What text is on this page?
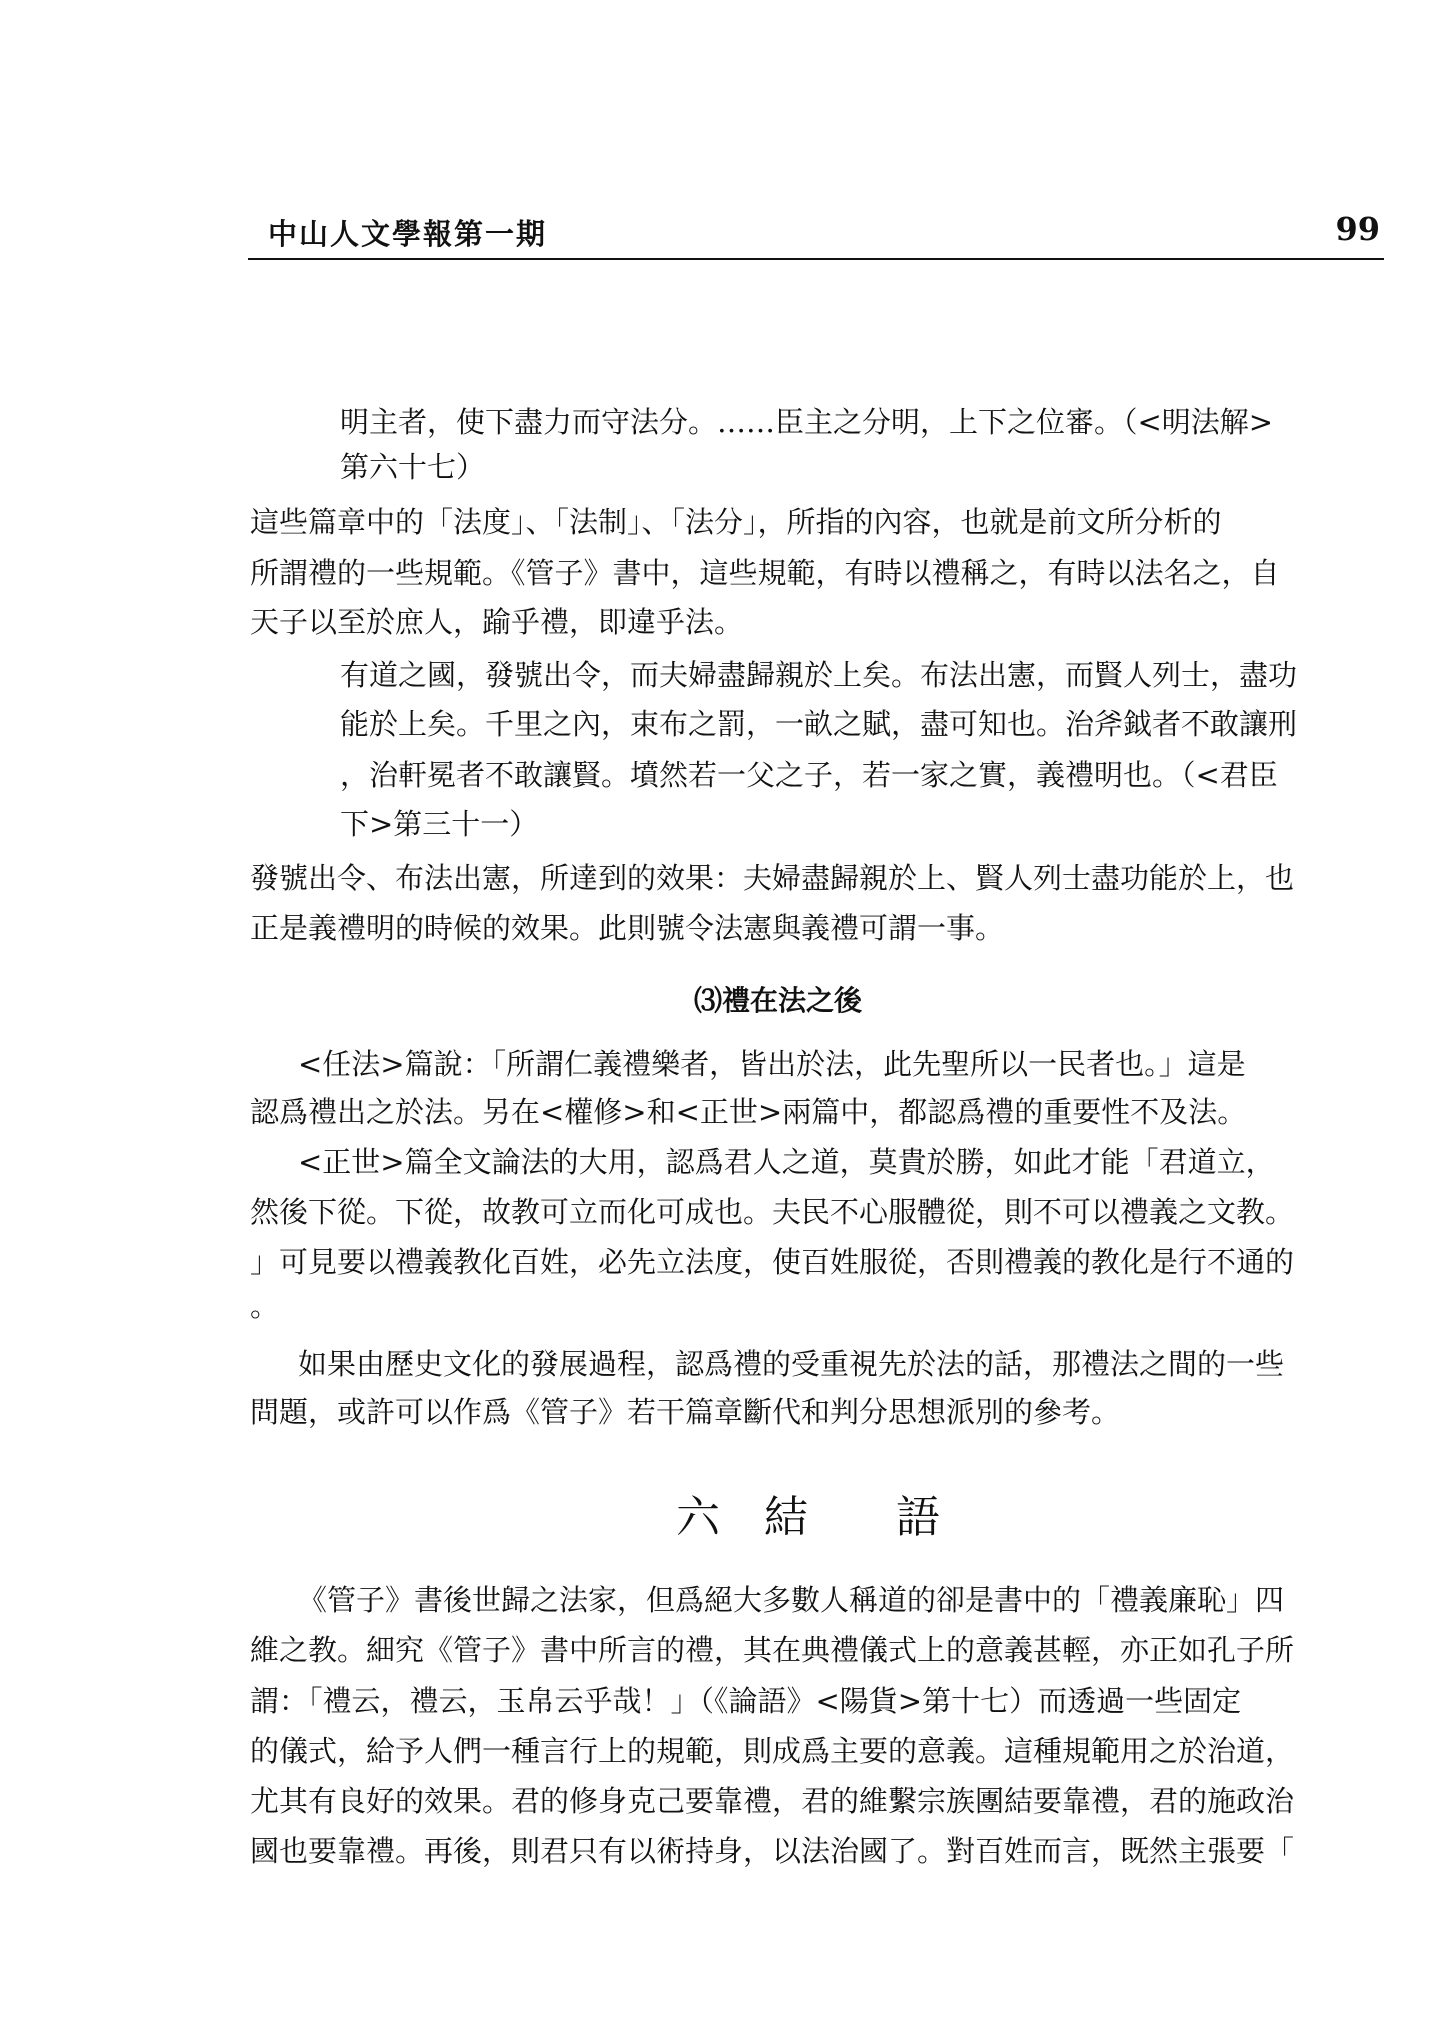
中山人文學報第一期	99
明主者，使下盡力而守法分。……臣主之分明，上下之位審。（<明法解>
第六十七）
這些篇章中的「法度」、「法制」、「法分」，所指的內容，也就是前文所分析的
所謂禮的一些規範。《管子》書中，這些規範，有時以禮稱之，有時以法名之，自
天子以至於庶人，踰乎禮，即違乎法。
有道之國，發號出令，而夫婦盡歸親於上矣。布法出憲，而賢人列士，盡功
能於上矣。千里之內，束布之罰，一畝之賦，盡可知也。治斧鉞者不敢讓刑
，治軒冕者不敢讓賢。墳然若一父之子，若一家之實，義禮明也。（<君臣
下>第三十一）
發號出令、布法出憲，所達到的效果：夫婦盡歸親於上、賢人列士盡功能於上，也
正是義禮明的時候的效果。此則號令法憲與義禮可謂一事。
⑶禮在法之後
<任法>篇說：「所謂仁義禮樂者，皆出於法，此先聖所以一民者也。」這是
認爲禮出之於法。另在<權修>和<正世>兩篇中，都認爲禮的重要性不及法。
<正世>篇全文論法的大用，認爲君人之道，莫貴於勝，如此才能「君道立，
然後下從。下從，故教可立而化可成也。夫民不心服體從，則不可以禮義之文教。
」可見要以禮義教化百姓，必先立法度，使百姓服從，否則禮義的教化是行不通的
。
如果由歷史文化的發展過程，認爲禮的受重視先於法的話，那禮法之間的一些
問題，或許可以作爲《管子》若干篇章斷代和判分思想派別的參考。
六　結　　語
《管子》書後世歸之法家，但爲絕大多數人稱道的卻是書中的「禮義廉恥」四
維之教。細究《管子》書中所言的禮，其在典禮儀式上的意義甚輕，亦正如孔子所
謂：「禮云，禮云，玉帛云乎哉！」（《論語》<陽貨>第十七）而透過一些固定
的儀式，給予人們一種言行上的規範，則成爲主要的意義。這種規範用之於治道，
尤其有良好的效果。君的修身克己要靠禮，君的維繫宗族團結要靠禮，君的施政治
國也要靠禮。再後，則君只有以術持身，以法治國了。對百姓而言，既然主張要「
